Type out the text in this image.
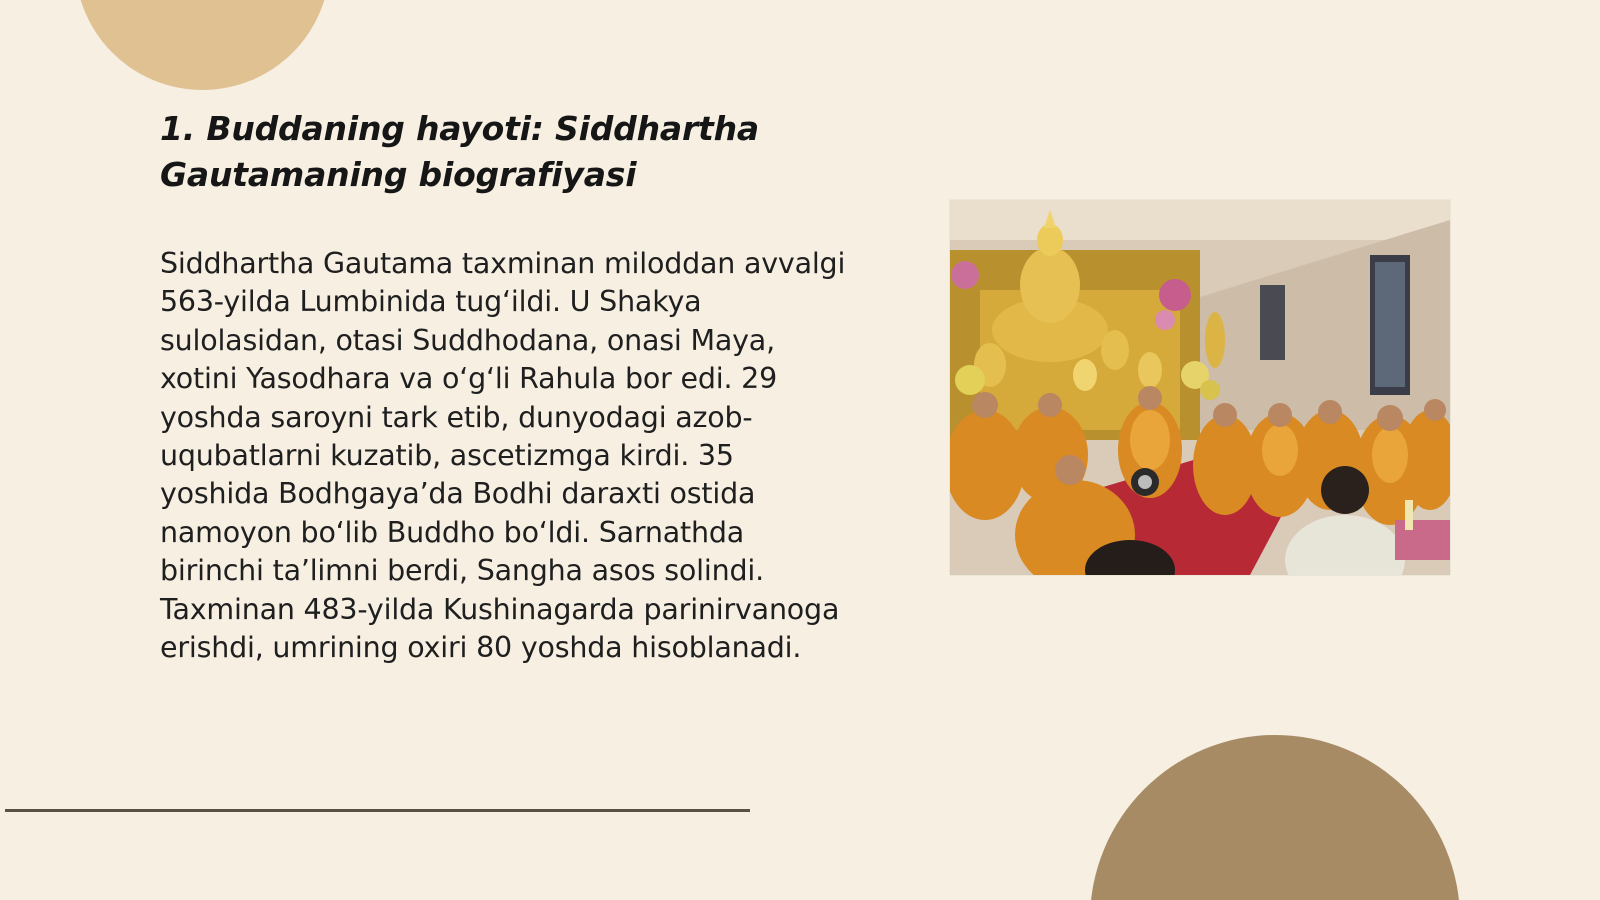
1. Buddaning hayoti: Siddhartha Gautamaning biografiyasi

Siddhartha Gautama taxminan miloddan avvalgi 563-yilda Lumbinida tug‘ildi. U Shakya sulolasidan, otasi Suddhodana, onasi Maya, xotini Yasodhara va o‘g‘li Rahula bor edi. 29 yoshda saroyni tark etib, dunyodagi azob-uqubatlarni kuzatib, ascetizmga kirdi. 35 yoshida Bodhgaya’da Bodhi daraxti ostida namoyon bo‘lib Buddho bo‘ldi. Sarnathda birinchi ta’limni berdi, Sangha asos solindi. Taxminan 483-yilda Kushinagarda parinirvanoga erishdi, umrining oxiri 80 yoshda hisoblanadi.
